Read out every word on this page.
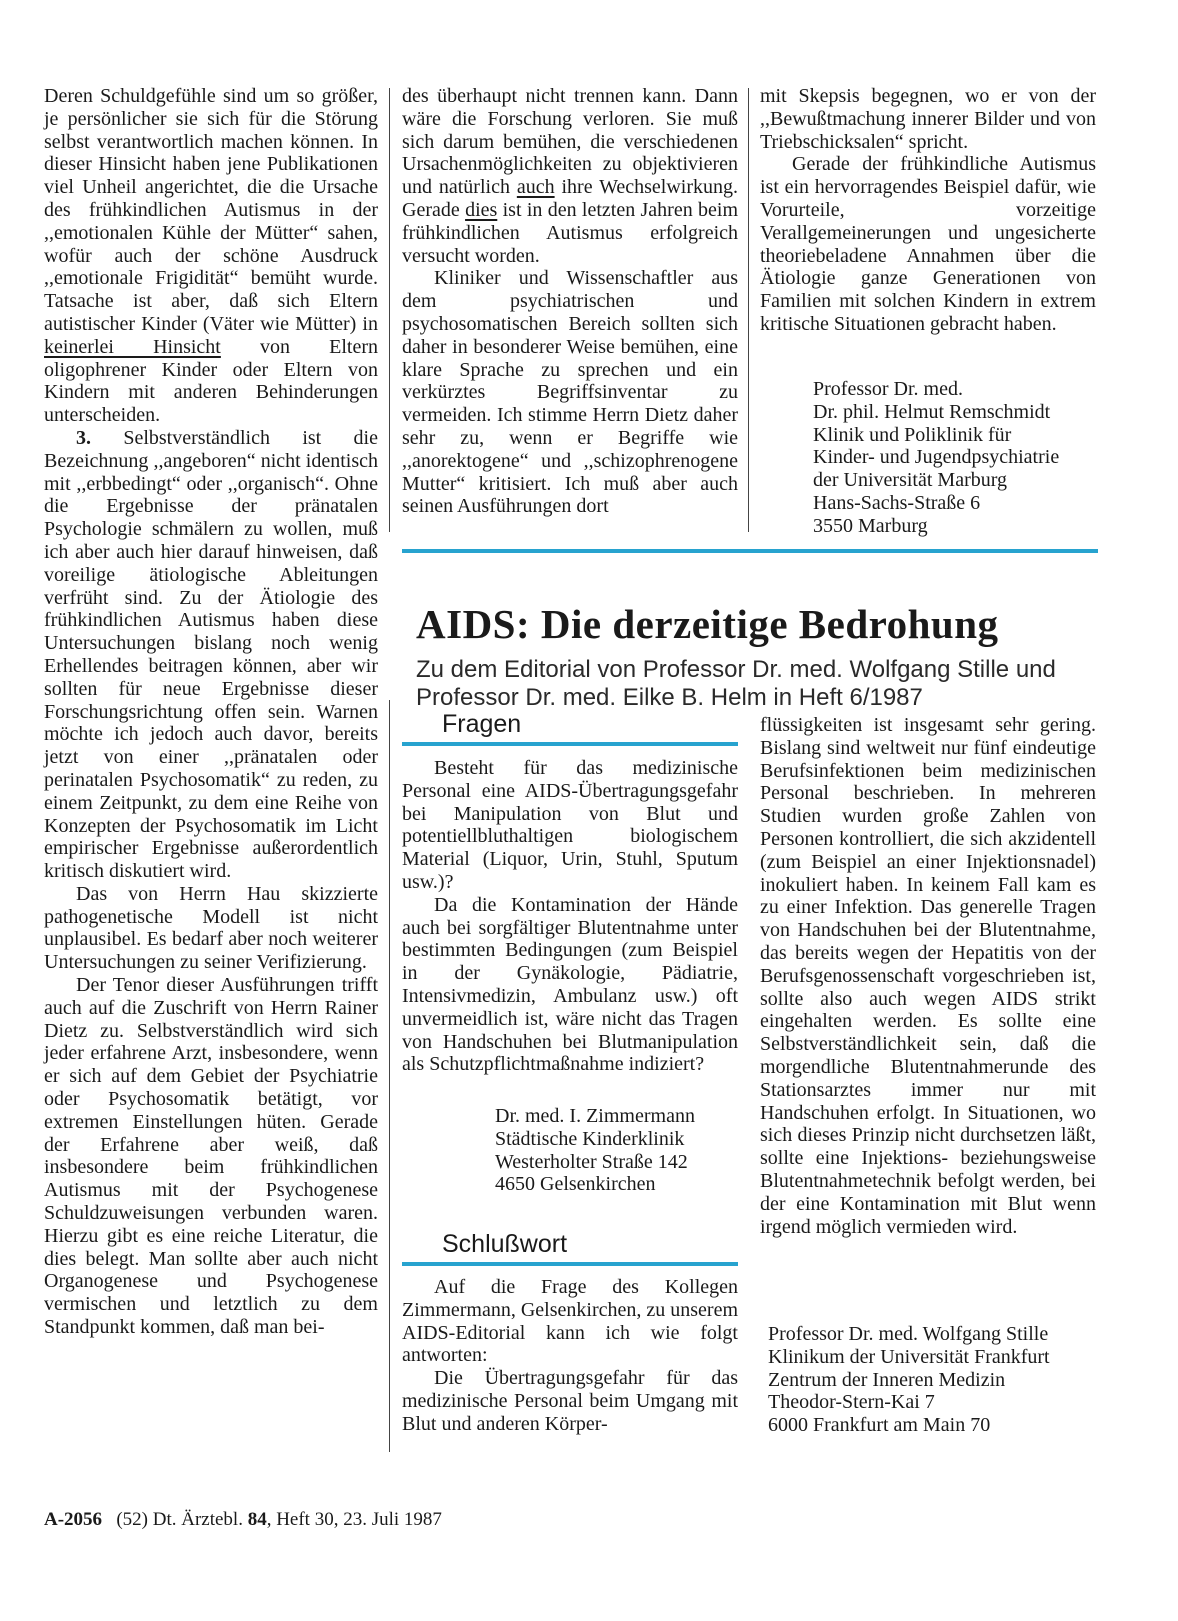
Deren Schuldgefühle sind um so größer, je persönlicher sie sich für die Störung selbst verantwortlich machen können. In dieser Hinsicht haben jene Publikationen viel Unheil angerichtet, die die Ursache des frühkindlichen Autismus in der ,,emotionalen Kühle der Mütter“ sahen, wofür auch der schöne Ausdruck ,,emotionale Frigidität“ bemüht wurde. Tatsache ist aber, daß sich Eltern autistischer Kinder (Väter wie Mütter) in keinerlei Hinsicht von Eltern oligophrener Kinder oder Eltern von Kindern mit anderen Behinderungen unterscheiden.

3. Selbstverständlich ist die Bezeichnung ,,angeboren“ nicht identisch mit ,,erbbedingt“ oder ,,organisch“. Ohne die Ergebnisse der pränatalen Psychologie schmälern zu wollen, muß ich aber auch hier darauf hinweisen, daß voreilige ätiologische Ableitungen verfrüht sind. Zu der Ätiologie des frühkindlichen Autismus haben diese Untersuchungen bislang noch wenig Erhellendes beitragen können, aber wir sollten für neue Ergebnisse dieser Forschungsrichtung offen sein. Warnen möchte ich jedoch auch davor, bereits jetzt von einer ,,pränatalen oder perinatalen Psychosomatik“ zu reden, zu einem Zeitpunkt, zu dem eine Reihe von Konzepten der Psychosomatik im Licht empirischer Ergebnisse außerordentlich kritisch diskutiert wird.

Das von Herrn Hau skizzierte pathogenetische Modell ist nicht unplausibel. Es bedarf aber noch weiterer Untersuchungen zu seiner Verifizierung.

Der Tenor dieser Ausführungen trifft auch auf die Zuschrift von Herrn Rainer Dietz zu. Selbstverständlich wird sich jeder erfahrene Arzt, insbesondere, wenn er sich auf dem Gebiet der Psychiatrie oder Psychosomatik betätigt, vor extremen Einstellungen hüten. Gerade der Erfahrene aber weiß, daß insbesondere beim frühkindlichen Autismus mit der Psychogenese Schuldzuweisungen verbunden waren. Hierzu gibt es eine reiche Literatur, die dies belegt. Man sollte aber auch nicht Organogenese und Psychogenese vermischen und letztlich zu dem Standpunkt kommen, daß man bei-

des überhaupt nicht trennen kann. Dann wäre die Forschung verloren. Sie muß sich darum bemühen, die verschiedenen Ursachenmöglichkeiten zu objektivieren und natürlich auch ihre Wechselwirkung. Gerade dies ist in den letzten Jahren beim frühkindlichen Autismus erfolgreich versucht worden.

Kliniker und Wissenschaftler aus dem psychiatrischen und psychosomatischen Bereich sollten sich daher in besonderer Weise bemühen, eine klare Sprache zu sprechen und ein verkürztes Begriffsinventar zu vermeiden. Ich stimme Herrn Dietz daher sehr zu, wenn er Begriffe wie ,,anorektogene“ und ,,schizophrenogene Mutter“ kritisiert. Ich muß aber auch seinen Ausführungen dort

mit Skepsis begegnen, wo er von der ,,Bewußtmachung innerer Bilder und von Triebschicksalen“ spricht.

Gerade der frühkindliche Autismus ist ein hervorragendes Beispiel dafür, wie Vorurteile, vorzeitige Verallgemeinerungen und ungesicherte theoriebeladene Annahmen über die Ätiologie ganze Generationen von Familien mit solchen Kindern in extrem kritische Situationen gebracht haben.

Professor Dr. med.
Dr. phil. Helmut Remschmidt
Klinik und Poliklinik für
Kinder- und Jugendpsychiatrie
der Universität Marburg
Hans-Sachs-Straße 6
3550 Marburg
AIDS: Die derzeitige Bedrohung
Zu dem Editorial von Professor Dr. med. Wolfgang Stille und
Professor Dr. med. Eilke B. Helm in Heft 6/1987
Fragen

Besteht für das medizinische Personal eine AIDS-Übertragungsgefahr bei Manipulation von Blut und potentiellbluthaltigen biologischem Material (Liquor, Urin, Stuhl, Sputum usw.)?

Da die Kontamination der Hände auch bei sorgfältiger Blutentnahme unter bestimmten Bedingungen (zum Beispiel in der Gynäkologie, Pädiatrie, Intensivmedizin, Ambulanz usw.) oft unvermeidlich ist, wäre nicht das Tragen von Handschuhen bei Blutmanipulation als Schutzpflichtmaßnahme indiziert?

Dr. med. I. Zimmermann
Städtische Kinderklinik
Westerholter Straße 142
4650 Gelsenkirchen
Schlußwort

Auf die Frage des Kollegen Zimmermann, Gelsenkirchen, zu unserem AIDS-Editorial kann ich wie folgt antworten:

Die Übertragungsgefahr für das medizinische Personal beim Umgang mit Blut und anderen Körper-

flüssigkeiten ist insgesamt sehr gering. Bislang sind weltweit nur fünf eindeutige Berufsinfektionen beim medizinischen Personal beschrieben. In mehreren Studien wurden große Zahlen von Personen kontrolliert, die sich akzidentell (zum Beispiel an einer Injektionsnadel) inokuliert haben. In keinem Fall kam es zu einer Infektion. Das generelle Tragen von Handschuhen bei der Blutentnahme, das bereits wegen der Hepatitis von der Berufsgenossenschaft vorgeschrieben ist, sollte also auch wegen AIDS strikt eingehalten werden. Es sollte eine Selbstverständlichkeit sein, daß die morgendliche Blutentnahmerunde des Stationsarztes immer nur mit Handschuhen erfolgt. In Situationen, wo sich dieses Prinzip nicht durchsetzen läßt, sollte eine Injektions- beziehungsweise Blutentnahmetechnik befolgt werden, bei der eine Kontamination mit Blut wenn irgend möglich vermieden wird.

Professor Dr. med. Wolfgang Stille
Klinikum der Universität Frankfurt
Zentrum der Inneren Medizin
Theodor-Stern-Kai 7
6000 Frankfurt am Main 70
A-2056 (52) Dt. Ärztebl. 84, Heft 30, 23. Juli 1987
